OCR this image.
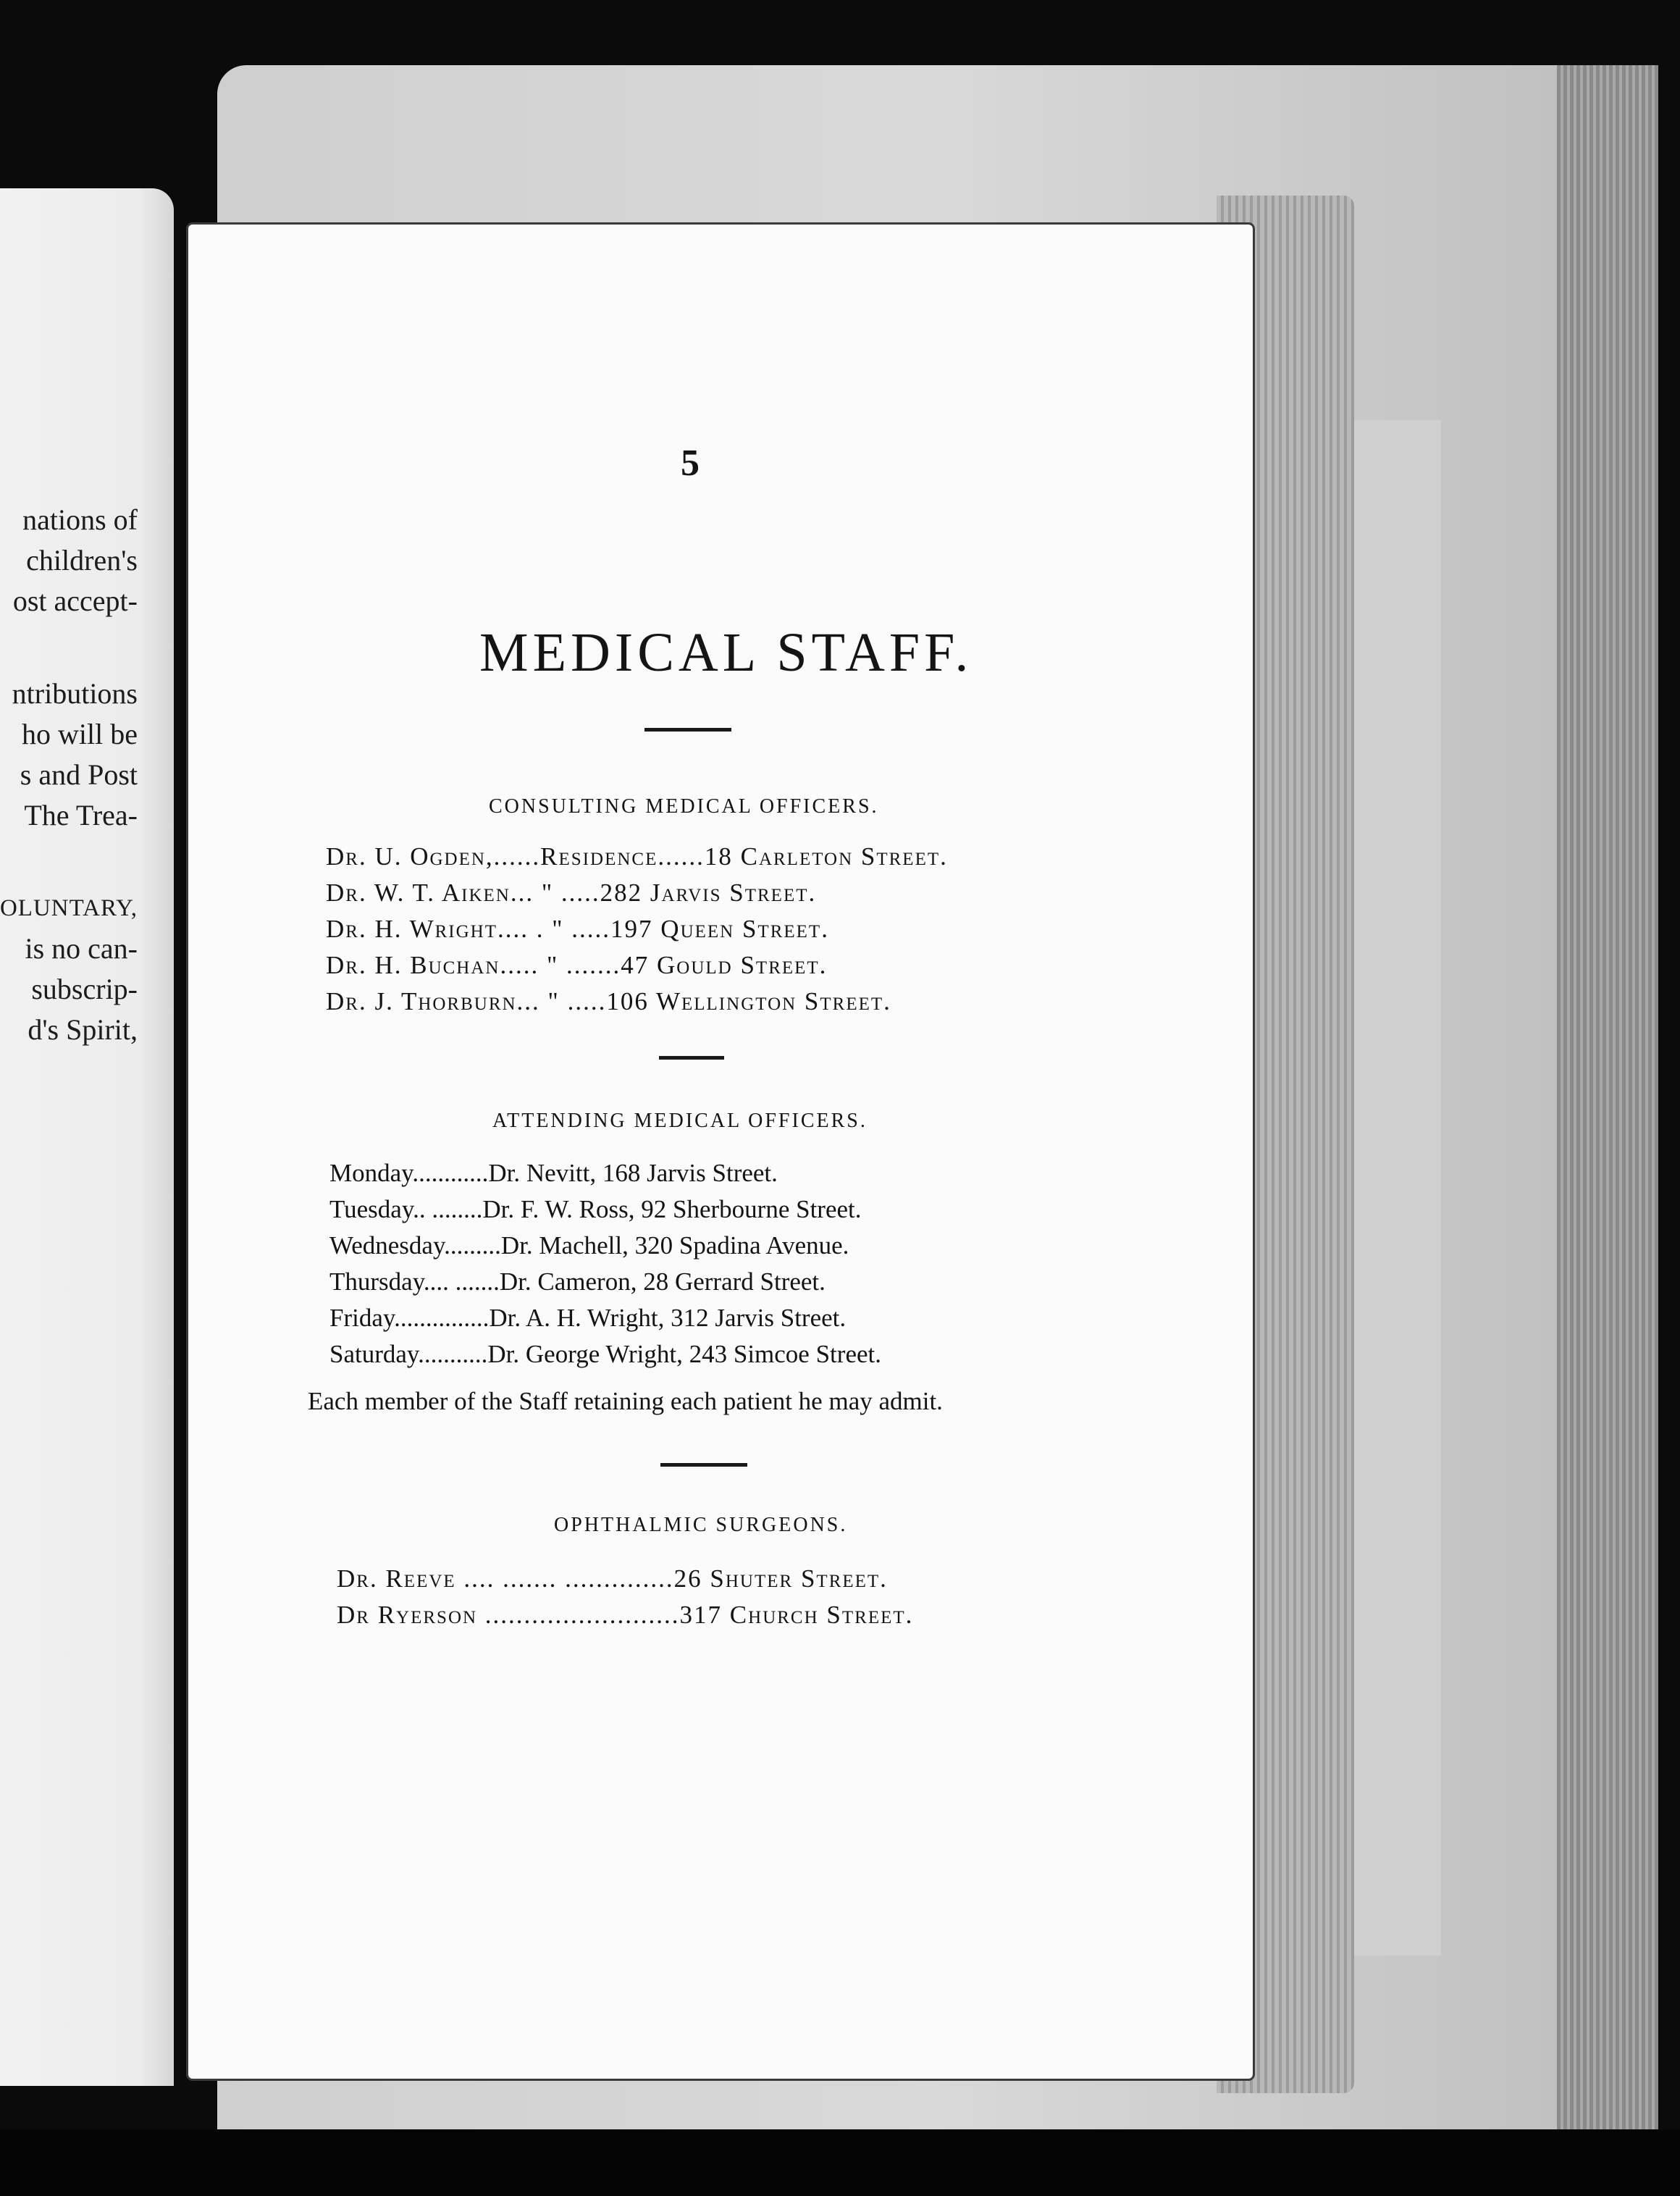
nations of
children's
ost accept-
ntributions
ho will be
s and Post
The Trea-
OLUNTARY,
is no can-
subscrip-
d's Spirit,
5
MEDICAL STAFF.
CONSULTING MEDICAL OFFICERS.
Dr. U. Ogden,......Residence......18 Carleton Street.
Dr. W. T. Aiken... " .....282 Jarvis Street.
Dr. H. Wright.... . " .....197 Queen Street.
Dr. H. Buchan..... " .......47 Gould Street.
Dr. J. Thorburn... " .....106 Wellington Street.
ATTENDING MEDICAL OFFICERS.
Monday............Dr. Nevitt, 168 Jarvis Street.
Tuesday.. ........Dr. F. W. Ross, 92 Sherbourne Street.
Wednesday.........Dr. Machell, 320 Spadina Avenue.
Thursday.... .......Dr. Cameron, 28 Gerrard Street.
Friday...............Dr. A. H. Wright, 312 Jarvis Street.
Saturday...........Dr. George Wright, 243 Simcoe Street.
Each member of the Staff retaining each patient he may admit.
OPHTHALMIC SURGEONS.
Dr. Reeve .... ....... ..............26 Shuter Street.
Dr Ryerson .........................317 Church Street.
